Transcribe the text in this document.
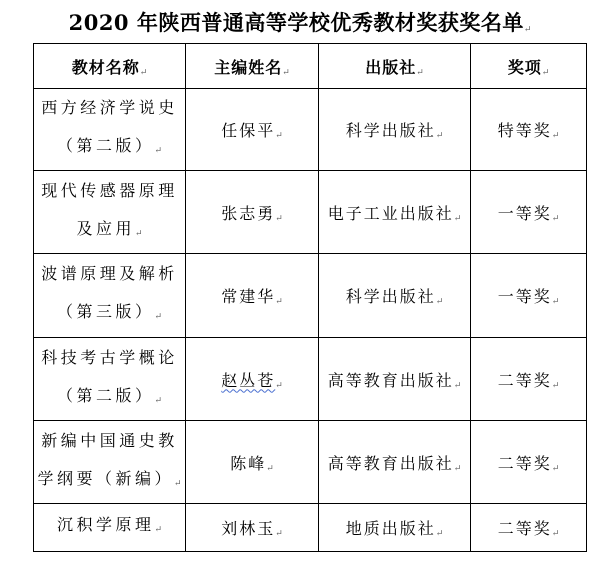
2020 年陕西普通高等学校优秀教材奖获奖名单 ↵
教材名称 ↵	主编姓名 ↵	出版社 ↵	奖项 ↵

西方经济学说史
（第二版） ↵	任保平 ↵	科学出版社 ↵	特等奖 ↵

现代传感器原理
及应用 ↵	张志勇 ↵	电子工业出版社 ↵	一等奖 ↵

波谱原理及解析
（第三版） ↵	常建华 ↵	科学出版社 ↵	一等奖 ↵

科技考古学概论
（第二版） ↵	赵丛苍 ↵	高等教育出版社 ↵	二等奖 ↵

新编中国通史教
学纲要（新编） ↵	陈峰 ↵	高等教育出版社 ↵	二等奖 ↵

沉积学原理 ↵	刘林玉 ↵	地质出版社 ↵	二等奖 ↵
